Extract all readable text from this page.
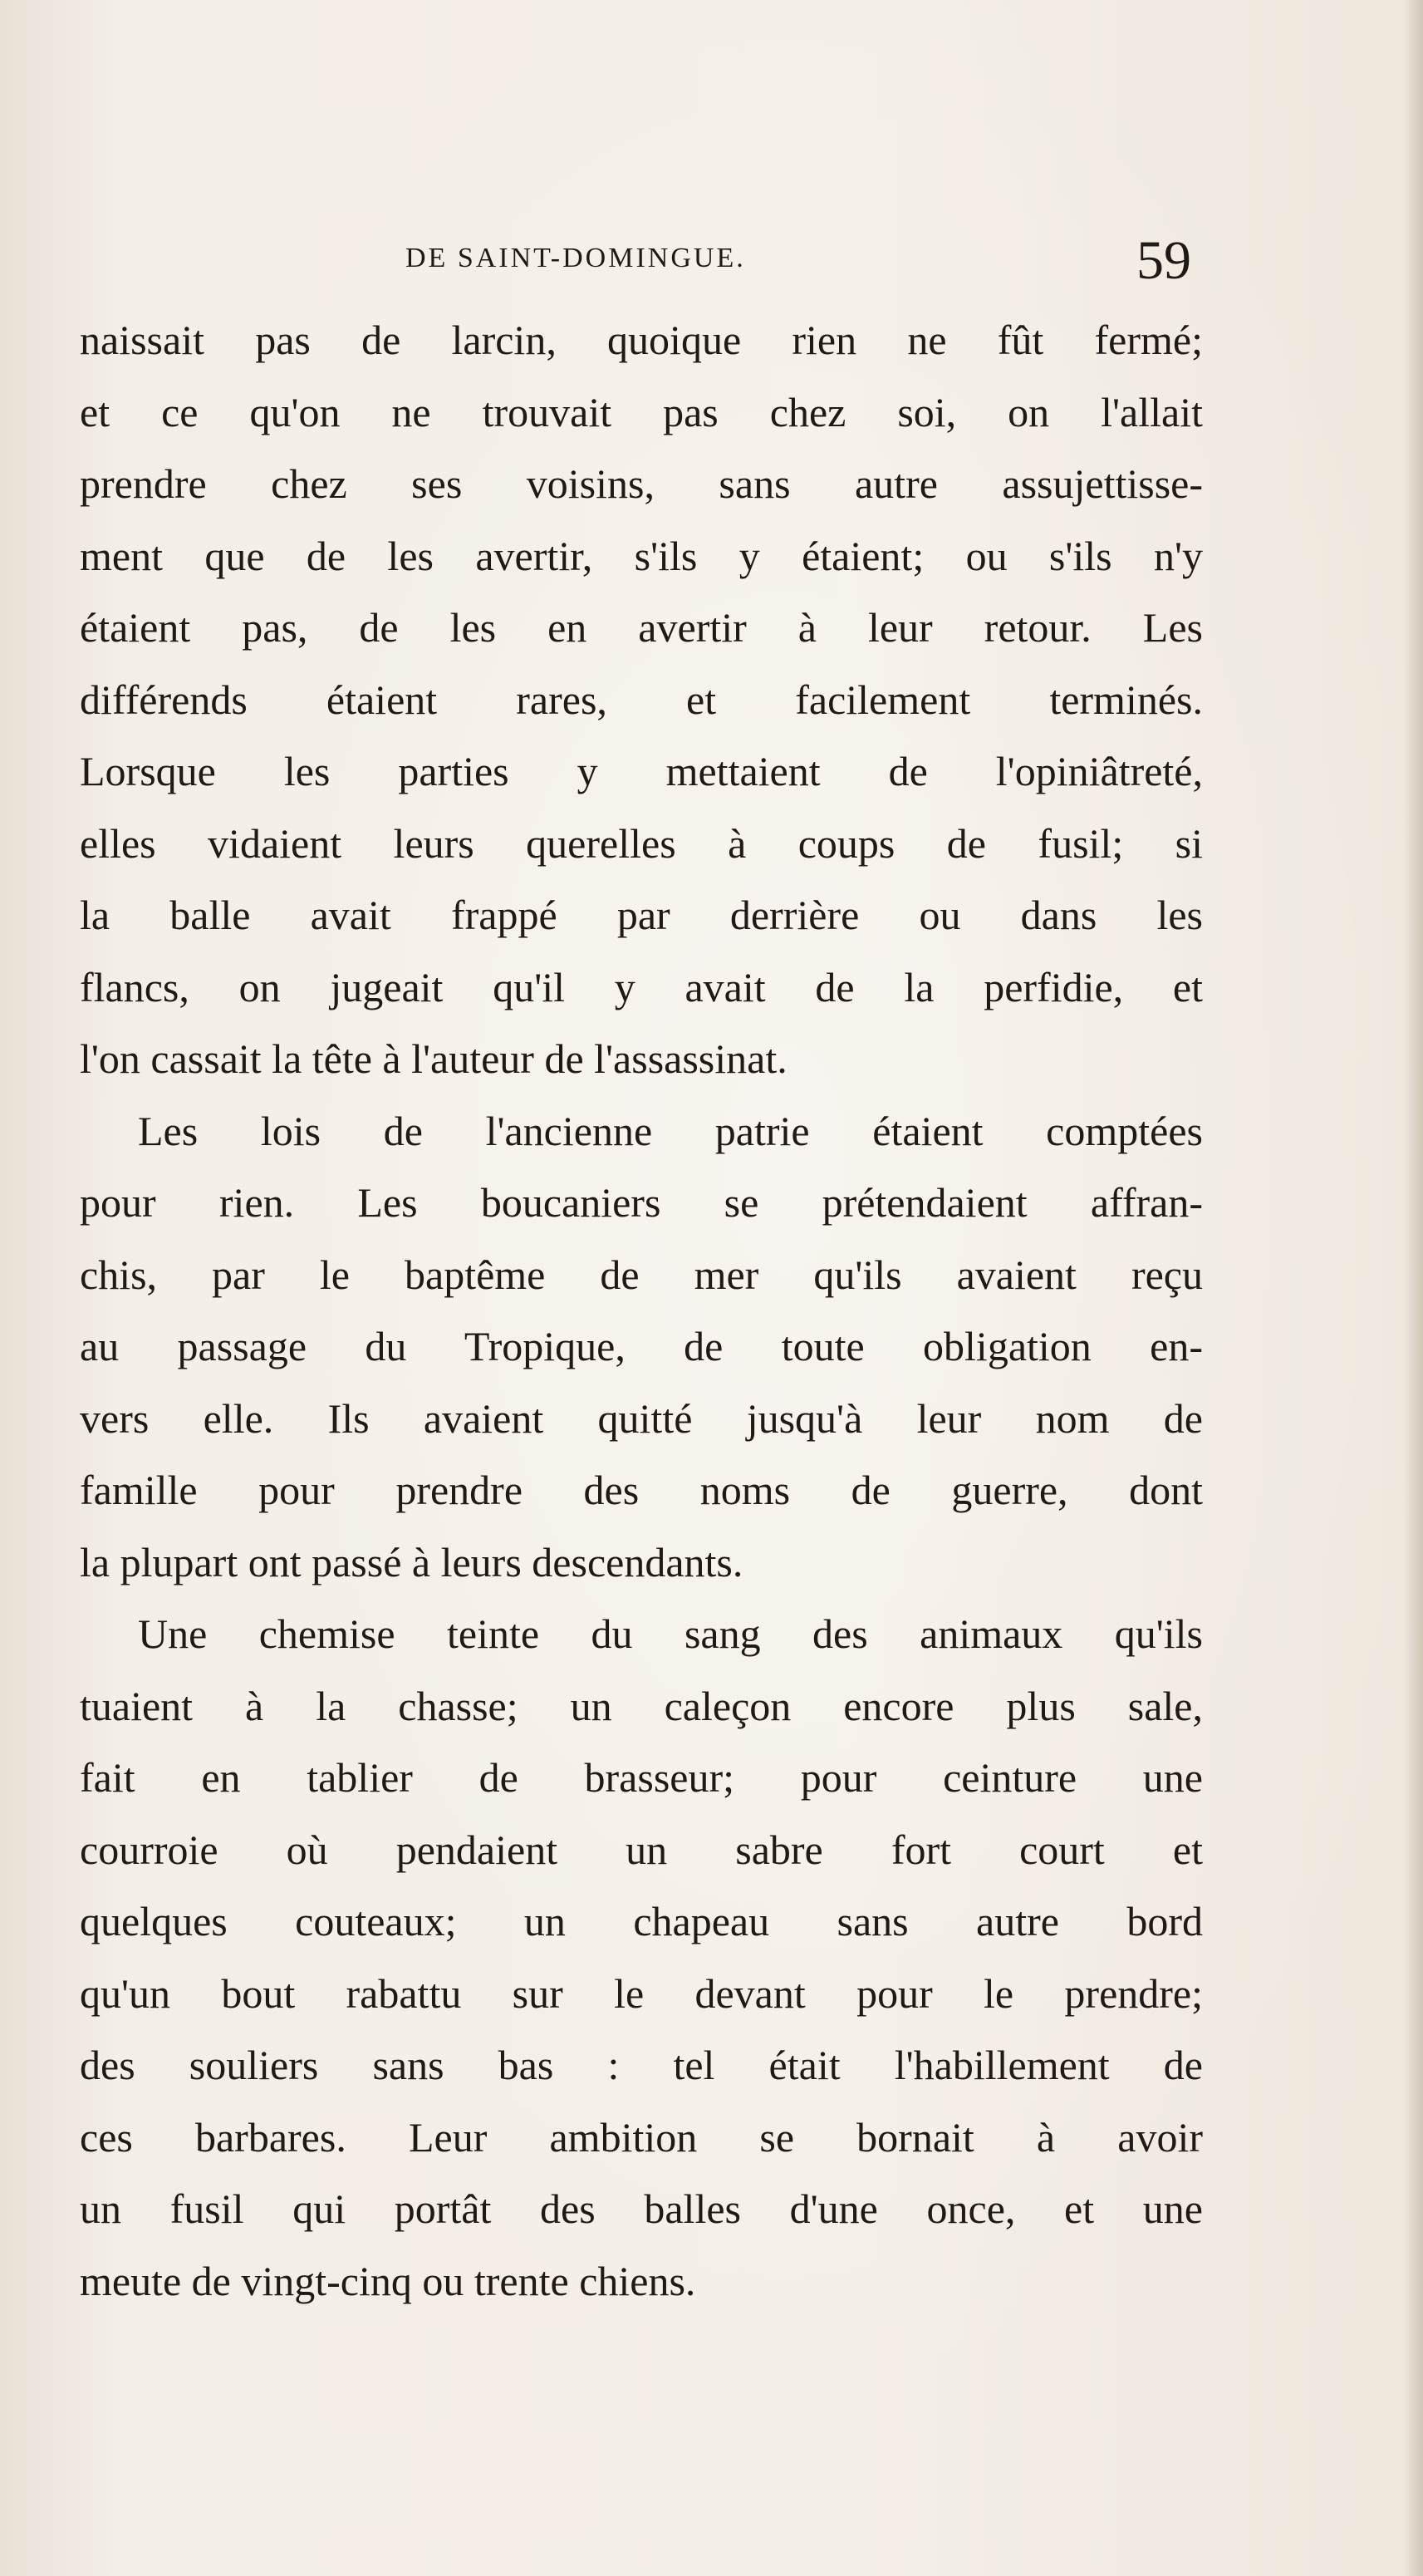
DE SAINT-DOMINGUE.	59
naissait pas de larcin, quoique rien ne fût fermé;
et ce qu'on ne trouvait pas chez soi, on l'allait
prendre chez ses voisins, sans autre assujettisse-
ment que de les avertir, s'ils y étaient; ou s'ils n'y
étaient pas, de les en avertir à leur retour. Les
différends étaient rares, et facilement terminés.
Lorsque les parties y mettaient de l'opiniâtreté,
elles vidaient leurs querelles à coups de fusil; si
la balle avait frappé par derrière ou dans les
flancs, on jugeait qu'il y avait de la perfidie, et
l'on cassait la tête à l'auteur de l'assassinat.
Les lois de l'ancienne patrie étaient comptées
pour rien. Les boucaniers se prétendaient affran-
chis, par le baptême de mer qu'ils avaient reçu
au passage du Tropique, de toute obligation en-
vers elle. Ils avaient quitté jusqu'à leur nom de
famille pour prendre des noms de guerre, dont
la plupart ont passé à leurs descendants.
Une chemise teinte du sang des animaux qu'ils
tuaient à la chasse; un caleçon encore plus sale,
fait en tablier de brasseur; pour ceinture une
courroie où pendaient un sabre fort court et
quelques couteaux; un chapeau sans autre bord
qu'un bout rabattu sur le devant pour le prendre;
des souliers sans bas : tel était l'habillement de
ces barbares. Leur ambition se bornait à avoir
un fusil qui portât des balles d'une once, et une
meute de vingt-cinq ou trente chiens.
